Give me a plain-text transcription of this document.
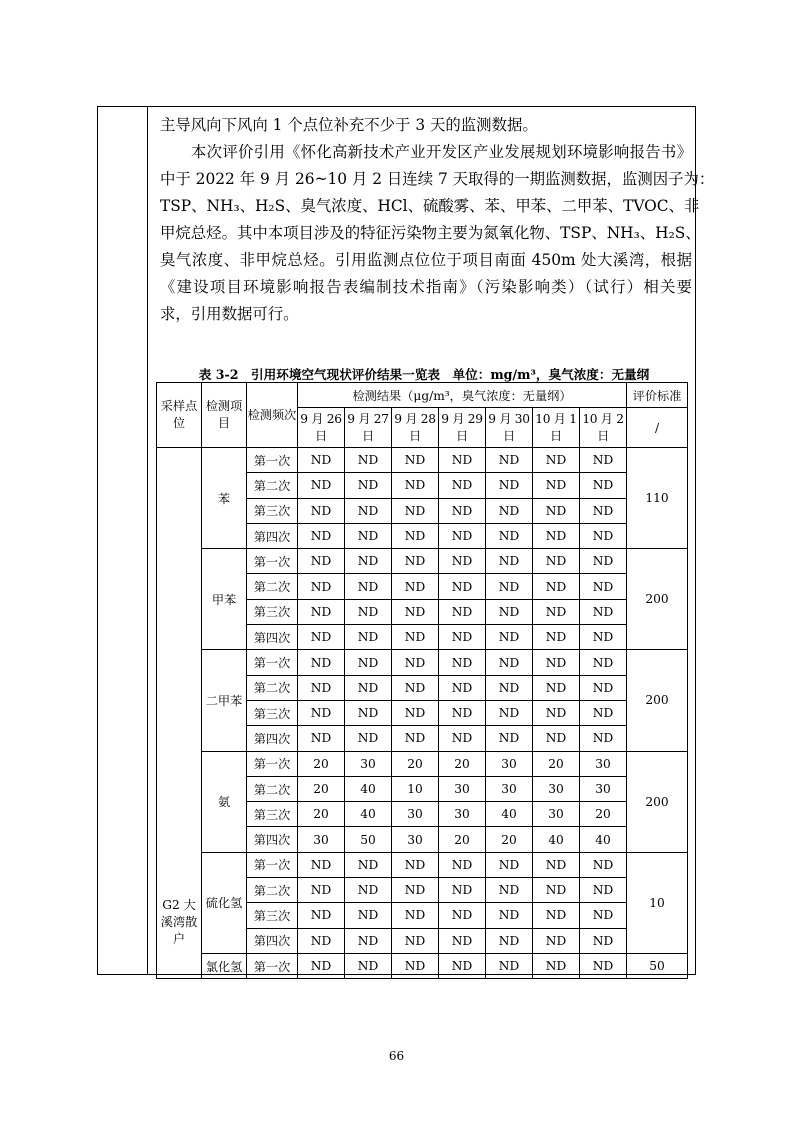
主导风向下风向 1 个点位补充不少于 3 天的监测数据。
本次评价引用《怀化高新技术产业开发区产业发展规划环境影响报告书》
中于 2022 年 9 月 26~10 月 2 日连续 7 天取得的一期监测数据，监测因子为：
TSP、NH₃、H₂S、臭气浓度、HCl、硫酸雾、苯、甲苯、二甲苯、TVOC、非
甲烷总烃。其中本项目涉及的特征污染物主要为氮氧化物、TSP、NH₃、H₂S、
臭气浓度、非甲烷总烃。引用监测点位位于项目南面 450m 处大溪湾，根据
《建设项目环境影响报告表编制技术指南》（污染影响类）（试行）相关要
求，引用数据可行。
表 3-2　引用环境空气现状评价结果一览表　单位：mg/m³，臭气浓度：无量纲
采样点位	检测项目	检测频次	检测结果（μg/m³，臭气浓度：无量纲）							评价标准
			9 月 26 日	9 月 27 日	9 月 28 日	9 月 29 日	9 月 30 日	10 月 1 日	10 月 2 日	/
G2 大溪湾散户	苯	第一次	ND	ND	ND	ND	ND	ND	ND	110
		第二次	ND	ND	ND	ND	ND	ND	ND	
		第三次	ND	ND	ND	ND	ND	ND	ND	
		第四次	ND	ND	ND	ND	ND	ND	ND	
	甲苯	第一次	ND	ND	ND	ND	ND	ND	ND	200
		第二次	ND	ND	ND	ND	ND	ND	ND	
		第三次	ND	ND	ND	ND	ND	ND	ND	
		第四次	ND	ND	ND	ND	ND	ND	ND	
	二甲苯	第一次	ND	ND	ND	ND	ND	ND	ND	200
		第二次	ND	ND	ND	ND	ND	ND	ND	
		第三次	ND	ND	ND	ND	ND	ND	ND	
		第四次	ND	ND	ND	ND	ND	ND	ND	
	氨	第一次	20	30	20	20	30	20	30	200
		第二次	20	40	10	30	30	30	30	
		第三次	20	40	30	30	40	30	20	
		第四次	30	50	30	20	20	40	40	
	硫化氢	第一次	ND	ND	ND	ND	ND	ND	ND	10
		第二次	ND	ND	ND	ND	ND	ND	ND	
		第三次	ND	ND	ND	ND	ND	ND	ND	
		第四次	ND	ND	ND	ND	ND	ND	ND	
	氯化氢	第一次	ND	ND	ND	ND	ND	ND	ND	50
66
